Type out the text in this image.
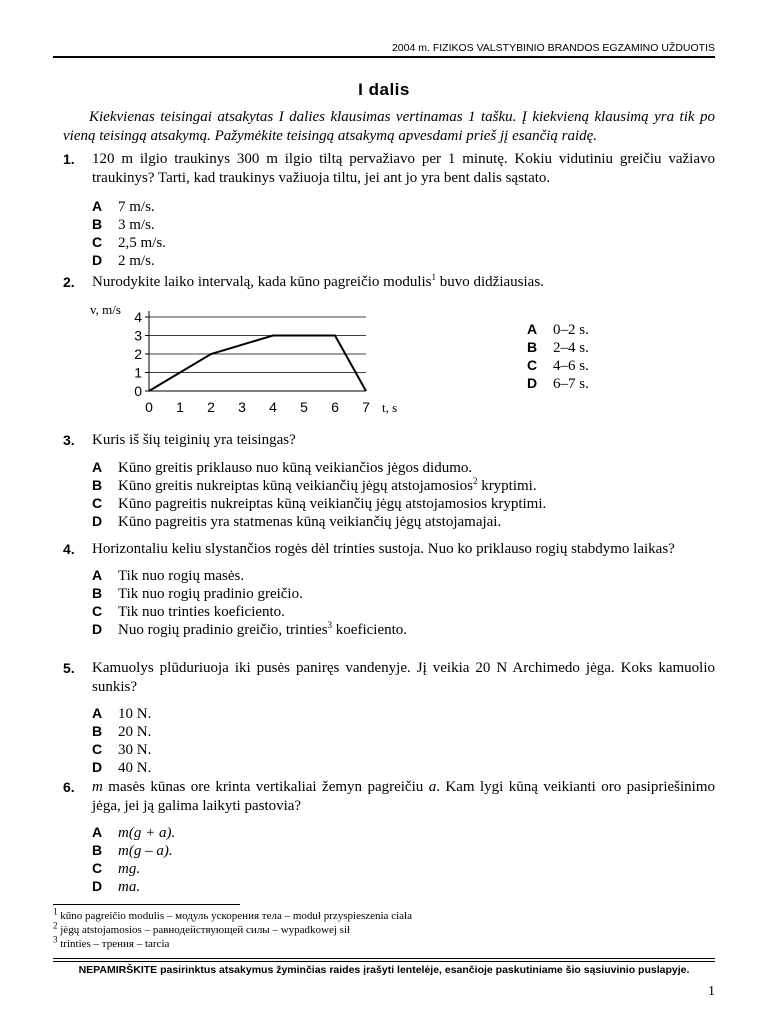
2004 m. FIZIKOS VALSTYBINIO BRANDOS EGZAMINO UŽDUOTIS
I dalis
Kiekvienas teisingai atsakytas I dalies klausimas vertinamas 1 tašku. Į kiekvieną klausimą yra tik po vieną teisingą atsakymą. Pažymėkite teisingą atsakymą apvesdami prieš jį esančią raidę.
1. 120 m ilgio traukinys 300 m ilgio tiltą pervažiavo per 1 minutę. Kokiu vidutiniu greičiu važiavo traukinys? Tarti, kad traukinys važiuoja tiltu, jei ant jo yra bent dalis sąstato.
A 7 m/s.
B 3 m/s.
C 2,5 m/s.
D 2 m/s.
2. Nurodykite laiko intervalą, kada kūno pagreičio modulis$^1$ buvo didžiausias.
0
1
2
3
4
0 1 2 3 4 5 6 7
v, m/s
t, s
A 0–2 s.
B 2–4 s.
C 4–6 s.
D 6–7 s.
3. Kuris iš šių teiginių yra teisingas?
A Kūno greitis priklauso nuo kūną veikiančios jėgos didumo.
B Kūno greitis nukreiptas kūną veikiančių jėgų atstojamosios$^2$ kryptimi.
C Kūno pagreitis nukreiptas kūną veikiančių jėgų atstojamosios kryptimi.
D Kūno pagreitis yra statmenas kūną veikiančių jėgų atstojamajai.
4. Horizontaliu keliu slystančios rogės dėl trinties sustoja. Nuo ko priklauso rogių stabdymo laikas?
A Tik nuo rogių masės.
B Tik nuo rogių pradinio greičio.
C Tik nuo trinties koeficiento.
D Nuo rogių pradinio greičio, trinties$^3$ koeficiento.
5. Kamuolys plūduriuoja iki pusės paniręs vandenyje. Jį veikia 20 N Archimedo jėga. Koks kamuolio sunkis?
A 10 N.
B 20 N.
C 30 N.
D 40 N.
6. m masės kūnas ore krinta vertikaliai žemyn pagreičiu a. Kam lygi kūną veikianti oro pasipriešinimo jėga, jei ją galima laikyti pastovia?
A m(g + a).
B m(g – a).
C mg.
D ma.
$^1$ kūno pagreičio modulis – модуль ускорения тела – moduł przyspieszenia ciała
$^2$ jėgų atstojamosios – равнодействующей силы – wypadkowej sił
$^3$ trinties – трения – tarcia
NEPAMIRŠKITE pasirinktus atsakymus žyminčias raides įrašyti lentelėje, esančioje paskutiniame šio sąsiuvinio puslapyje.
1
